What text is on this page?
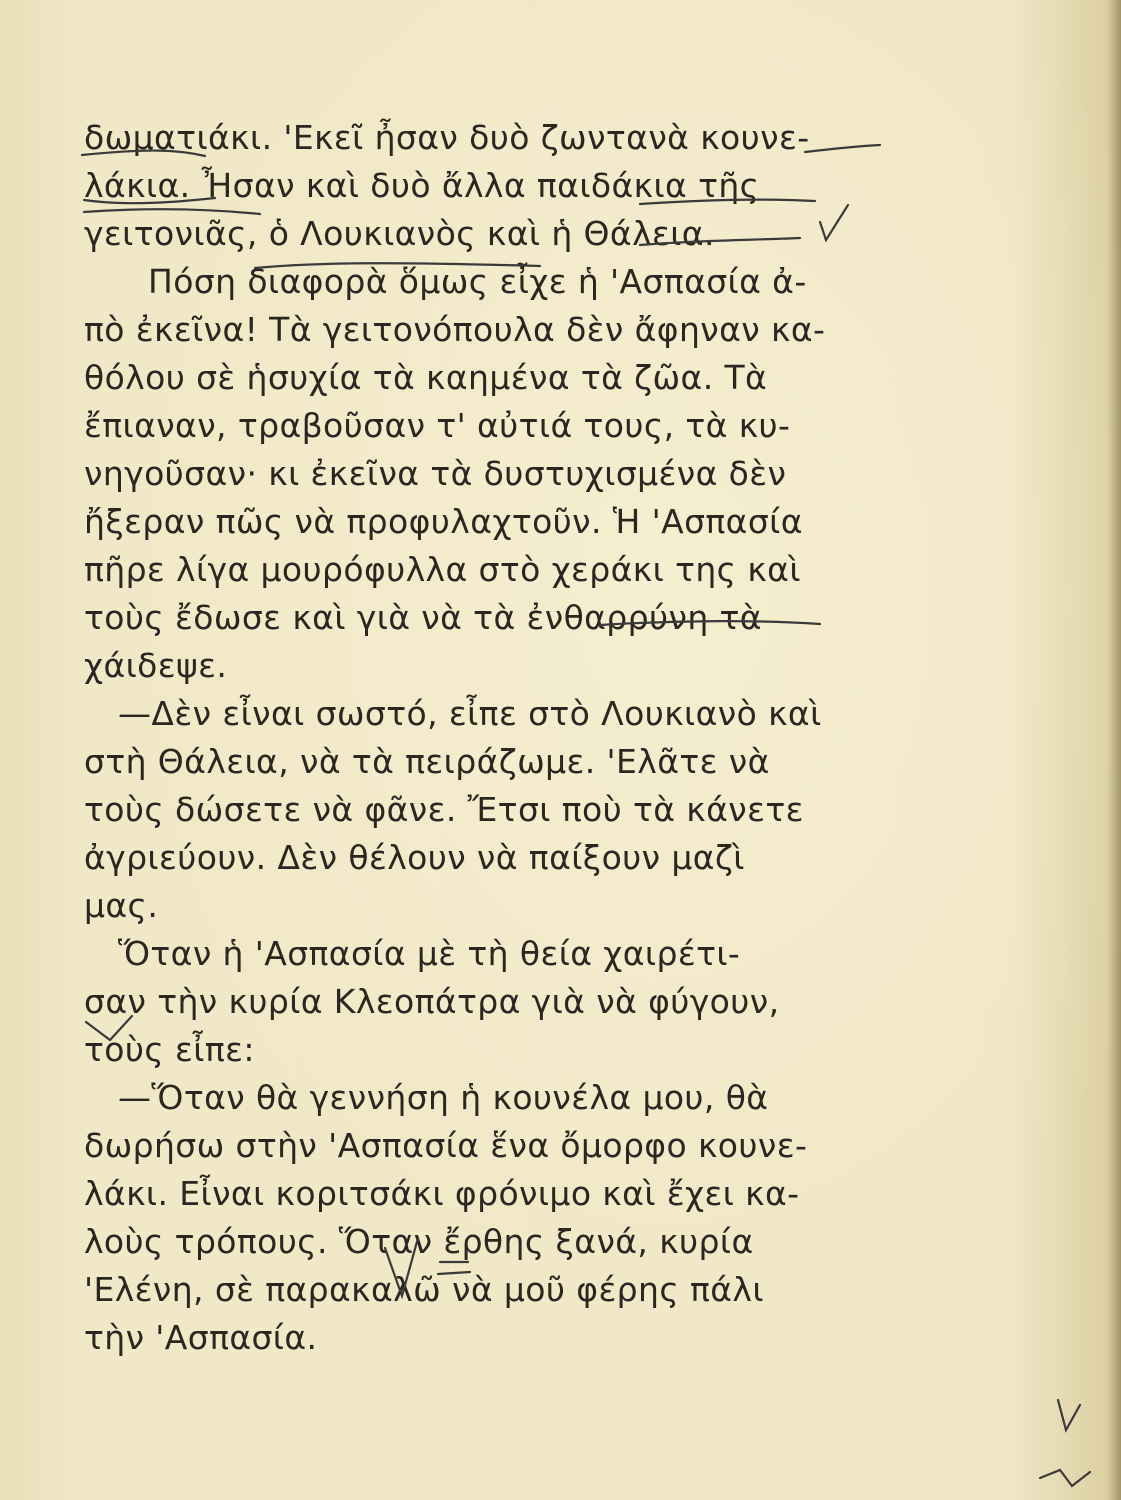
δωματιάκι. 'Εκεῖ ἦσαν δυὸ ζωντανὰ κουνε-
λάκια. Ἦσαν καὶ δυὸ ἄλλα παιδάκια τῆς
γειτονιᾶς, ὁ Λουκιανὸς καὶ ἡ Θάλεια.
Πόση διαφορὰ ὅμως εἶχε ἡ 'Ασπασία ἀ-
πὸ ἐκεῖνα! Τὰ γειτονόπουλα δὲν ἄφηναν κα-
θόλου σὲ ἡσυχία τὰ καημένα τὰ ζῶα. Τὰ
ἔπιαναν, τραβοῦσαν τ' αὐτιά τους, τὰ κυ-
νηγοῦσαν· κι ἐκεῖνα τὰ δυστυχισμένα δὲν
ἤξεραν πῶς νὰ προφυλαχτοῦν. Ἡ 'Ασπασία
πῆρε λίγα μουρόφυλλα στὸ χεράκι της καὶ
τοὺς ἔδωσε καὶ γιὰ νὰ τὰ ἐνθαρρύνη τὰ
χάιδεψε.
—Δὲν εἶναι σωστό, εἶπε στὸ Λουκιανὸ καὶ
στὴ Θάλεια, νὰ τὰ πειράζωμε. 'Ελᾶτε νὰ
τοὺς δώσετε νὰ φᾶνε. Ἔτσι ποὺ τὰ κάνετε
ἀγριεύουν. Δὲν θέλουν νὰ παίξουν μαζὶ
μας.
Ὅταν ἡ 'Ασπασία μὲ τὴ θεία χαιρέτι-
σαν τὴν κυρία Κλεοπάτρα γιὰ νὰ φύγουν,
τοὺς εἶπε:
—Ὅταν θὰ γεννήση ἡ κουνέλα μου, θὰ
δωρήσω στὴν 'Ασπασία ἕνα ὄμορφο κουνε-
λάκι. Εἶναι κοριτσάκι φρόνιμο καὶ ἔχει κα-
λοὺς τρόπους. Ὅταν ἔρθης ξανά, κυρία
'Ελένη, σὲ παρακαλῶ νὰ μοῦ φέρης πάλι
τὴν 'Ασπασία.
